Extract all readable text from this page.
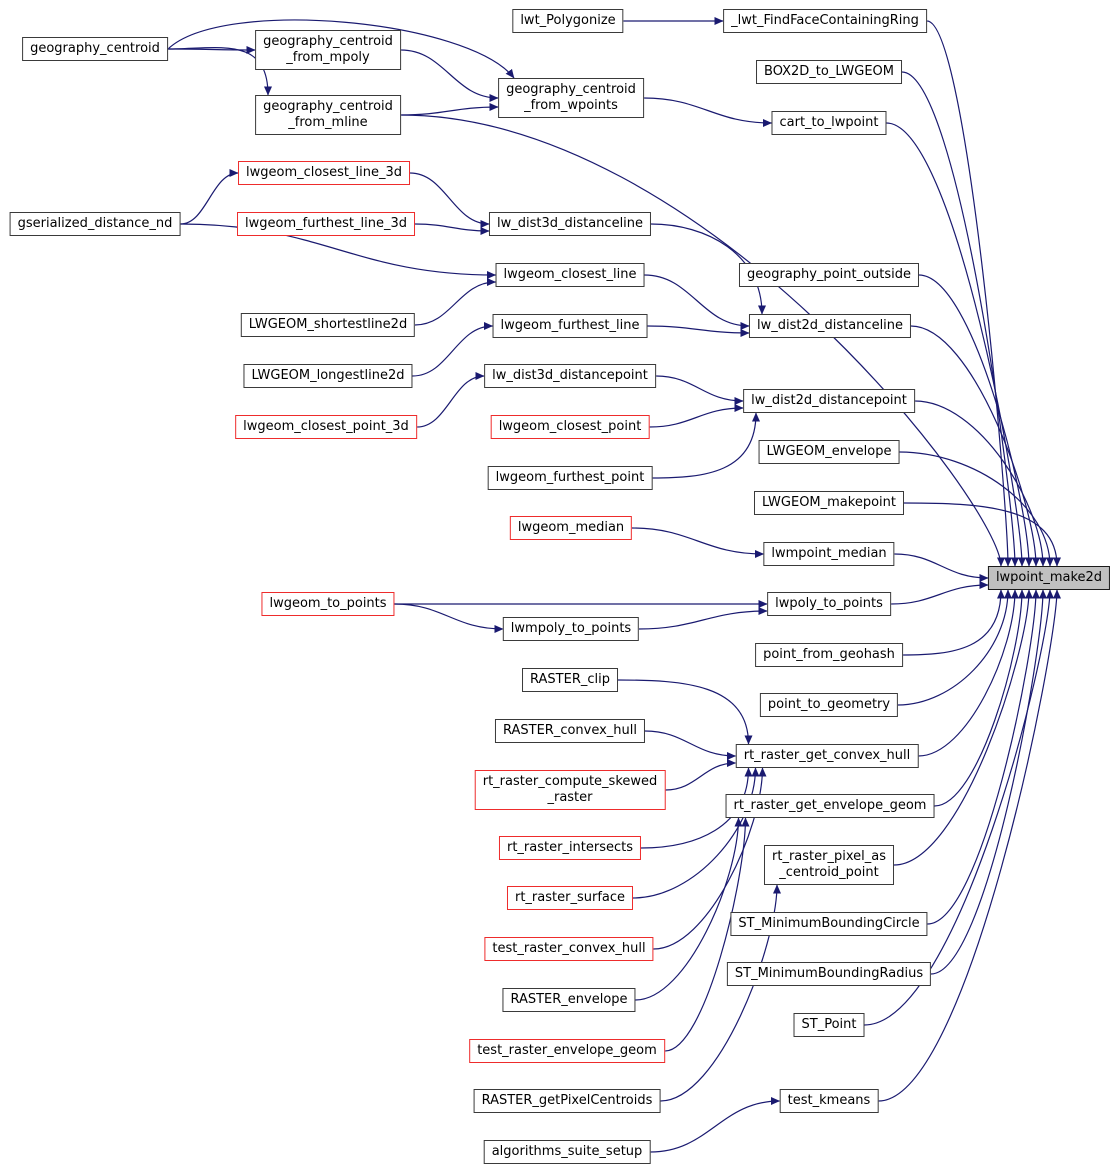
geography_centroid	geography_centroid
_from_mpoly
geography_centroid
_from_mline
geography_centroid
_from_wpoints
lwt_Polygonize	_lwt_FindFaceContainingRing
BOX2D_to_LWGEOM
cart_to_lwpoint
gserialized_distance_nd
lwgeom_closest_line_3d
lwgeom_furthest_line_3d	lw_dist3d_distanceline
lwgeom_closest_line
lwgeom_furthest_line
LWGEOM_shortestline2d
LWGEOM_longestline2d	lw_dist3d_distancepoint
lwgeom_closest_point_3d	lwgeom_closest_point
lwgeom_furthest_point
geography_point_outside
lw_dist2d_distanceline
lw_dist2d_distancepoint
LWGEOM_envelope
LWGEOM_makepoint
lwgeom_median
lwmpoint_median
lwgeom_to_points
lwmpoly_to_points
lwpoly_to_points
point_from_geohash
point_to_geometry
RASTER_clip
RASTER_convex_hull
rt_raster_compute_skewed
_raster
rt_raster_intersects
rt_raster_surface
test_raster_convex_hull
RASTER_envelope
test_raster_envelope_geom
RASTER_getPixelCentroids
algorithms_suite_setup
rt_raster_get_convex_hull
rt_raster_get_envelope_geom
rt_raster_pixel_as
_centroid_point
ST_MinimumBoundingCircle
ST_MinimumBoundingRadius
ST_Point
test_kmeans
lwpoint_make2d
